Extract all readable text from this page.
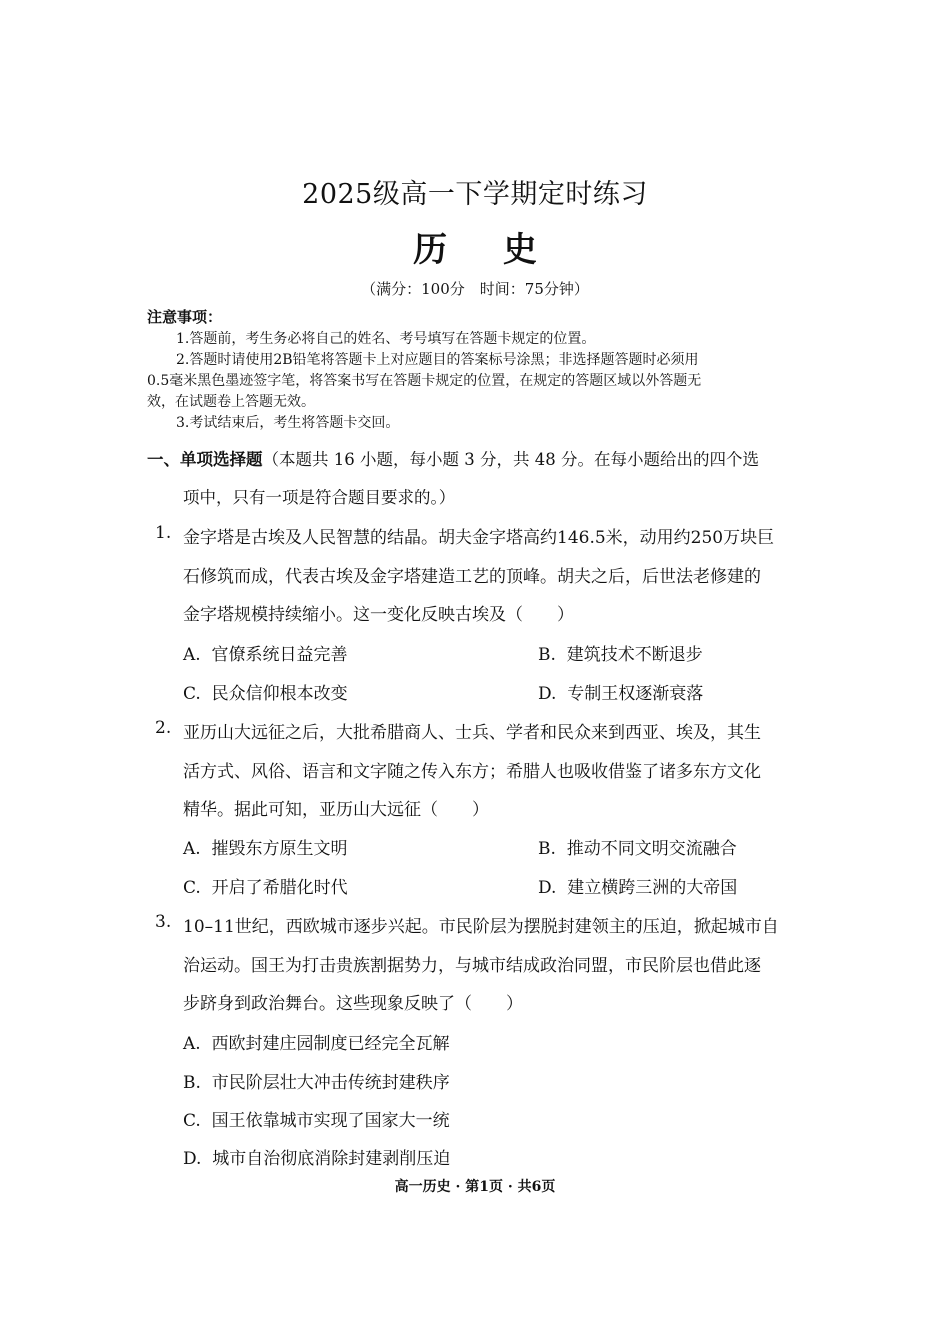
2025级高一下学期定时练习
历 史
（满分：100分　时间：75分钟）
注意事项：
1.答题前，考生务必将自己的姓名、考号填写在答题卡规定的位置。
2.答题时请使用2B铅笔将答题卡上对应题目的答案标号涂黑；非选择题答题时必须用
0.5毫米黑色墨迹签字笔，将答案书写在答题卡规定的位置，在规定的答题区域以外答题无
效，在试题卷上答题无效。
3.考试结束后，考生将答题卡交回。
一、单项选择题（本题共 16 小题，每小题 3 分，共 48 分。在每小题给出的四个选
项中，只有一项是符合题目要求的。）
1. 金字塔是古埃及人民智慧的结晶。胡夫金字塔高约146.5米，动用约250万块巨
石修筑而成，代表古埃及金字塔建造工艺的顶峰。胡夫之后，后世法老修建的
金字塔规模持续缩小。这一变化反映古埃及（　　）
A. 官僚系统日益完善	B. 建筑技术不断退步
C. 民众信仰根本改变	D. 专制王权逐渐衰落
2. 亚历山大远征之后，大批希腊商人、士兵、学者和民众来到西亚、埃及，其生
活方式、风俗、语言和文字随之传入东方；希腊人也吸收借鉴了诸多东方文化
精华。据此可知，亚历山大远征（　　）
A. 摧毁东方原生文明	B. 推动不同文明交流融合
C. 开启了希腊化时代	D. 建立横跨三洲的大帝国
3. 10–11世纪，西欧城市逐步兴起。市民阶层为摆脱封建领主的压迫，掀起城市自
治运动。国王为打击贵族割据势力，与城市结成政治同盟，市民阶层也借此逐
步跻身到政治舞台。这些现象反映了（　　）
A. 西欧封建庄园制度已经完全瓦解
B. 市民阶层壮大冲击传统封建秩序
C. 国王依靠城市实现了国家大一统
D. 城市自治彻底消除封建剥削压迫
高一历史 · 第1页 · 共6页
